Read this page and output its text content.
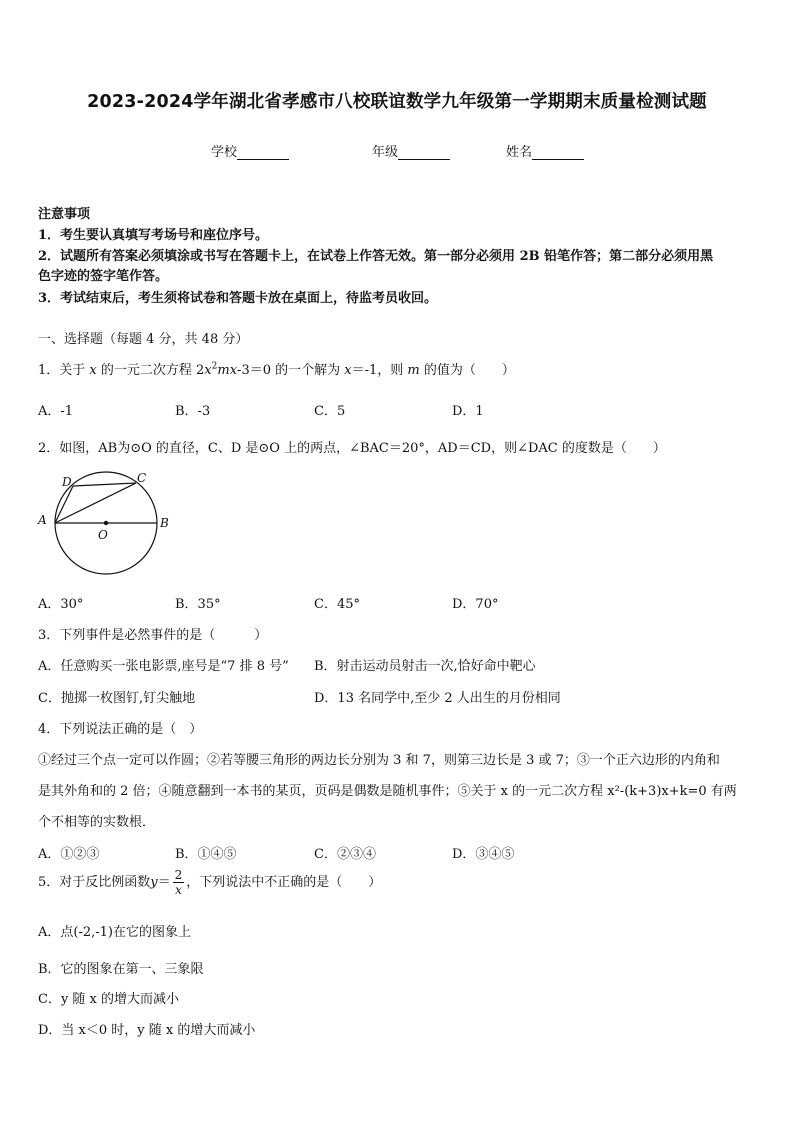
2023-2024学年湖北省孝感市八校联谊数学九年级第一学期期末质量检测试题
学校	年级	姓名
注意事项
1．考生要认真填写考场号和座位序号。
2．试题所有答案必须填涂或书写在答题卡上，在试卷上作答无效。第一部分必须用 2B 铅笔作答；第二部分必须用黑
色字迹的签字笔作答。
3．考试结束后，考生须将试卷和答题卡放在桌面上，待监考员收回。
一、选择题（每题 4 分，共 48 分）
1．关于 x 的一元二次方程 $2x^2mx-3=0$ 的一个解为 x＝-1，则 m 的值为（　　）
A．-1	B．-3	C．5	D．1
2．如图，AB为⊙O 的直径，C、D 是⊙O 上的两点，∠BAC＝20°，AD＝CD，则∠DAC 的度数是（　　）
A	B
C
D
O
A．30°	B．35°	C．45°	D．70°
3．下列事件是必然事件的是（　　　）
A．任意购买一张电影票,座号是“7 排 8 号” B．射击运动员射击一次,恰好命中靶心
C．抛掷一枚图钉,钉尖触地	D．13 名同学中,至少 2 人出生的月份相同
4．下列说法正确的是（　）
①经过三个点一定可以作圆；②若等腰三角形的两边长分别为 3 和 7，则第三边长是 3 或 7；③一个正六边形的内角和
是其外角和的 2 倍；④随意翻到一本书的某页，页码是偶数是随机事件；⑤关于 x 的一元二次方程 x²-(k+3)x+k=0 有两
个不相等的实数根．
A．①②③	B．①④⑤	C．②③④	D．③④⑤
5．对于反比例函数$y= \frac{2}{x}$ ，下列说法中不正确的是（　　）
A．点(-2,-1)在它的图象上
B．它的图象在第一、三象限
C．y 随 x 的增大而减小
D．当 x＜0 时，y 随 x 的增大而减小
